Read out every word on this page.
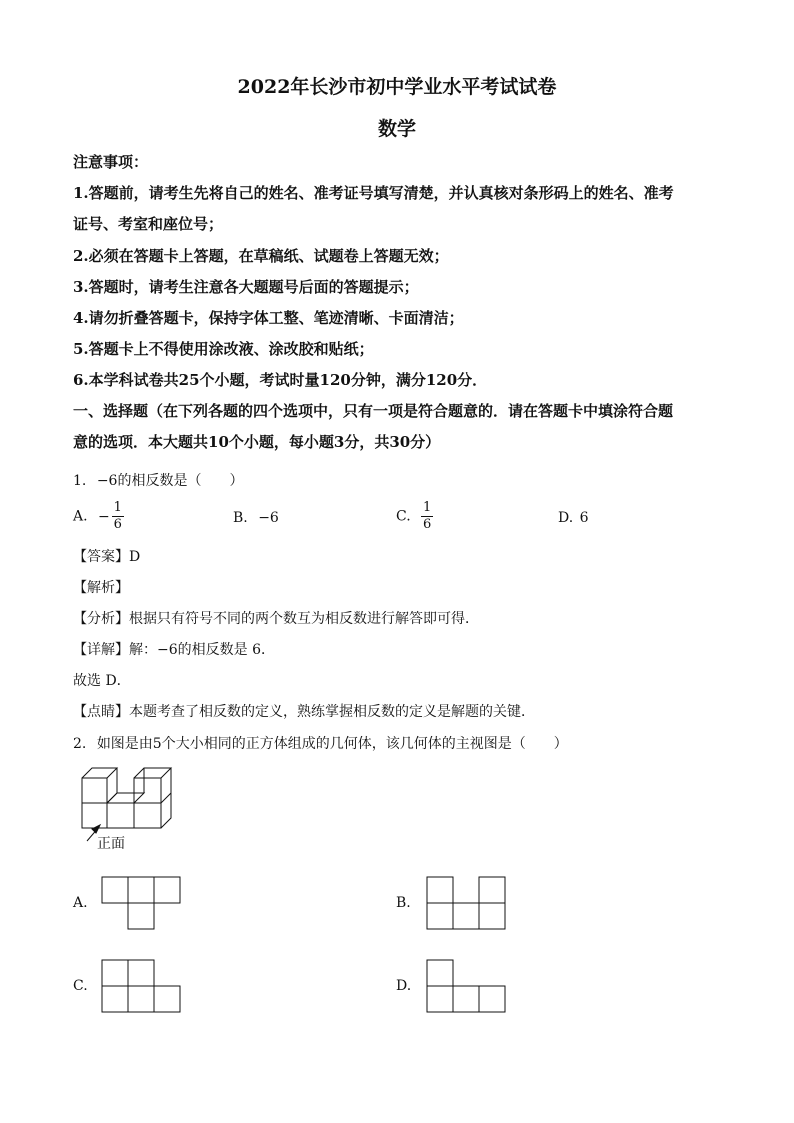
2022年长沙市初中学业水平考试试卷
数学
注意事项：
1.答题前，请考生先将自己的姓名、准考证号填写清楚，并认真核对条形码上的姓名、准考
证号、考室和座位号；
2.必须在答题卡上答题，在草稿纸、试题卷上答题无效；
3.答题时，请考生注意各大题题号后面的答题提示；
4.请勿折叠答题卡，保持字体工整、笔迹清晰、卡面清洁；
5.答题卡上不得使用涂改液、涂改胶和贴纸；
6.本学科试卷共25个小题，考试时量120分钟，满分120分．
一、选择题（在下列各题的四个选项中，只有一项是符合题意的．请在答题卡中填涂符合题
意的选项．本大题共10个小题，每小题3分，共30分）
1. −6的相反数是（　　）
A. − $\frac{1}{6}$	B. −6	C. $\frac{1}{6}$	D. 6
【答案】D
【解析】
【分析】根据只有符号不同的两个数互为相反数进行解答即可得．
【详解】解：−6的相反数是 6．
故选 D．
【点睛】本题考查了相反数的定义，熟练掌握相反数的定义是解题的关键．
2. 如图是由5个大小相同的正方体组成的几何体，该几何体的主视图是（　　）
正面
A.	B.
C.	D.
